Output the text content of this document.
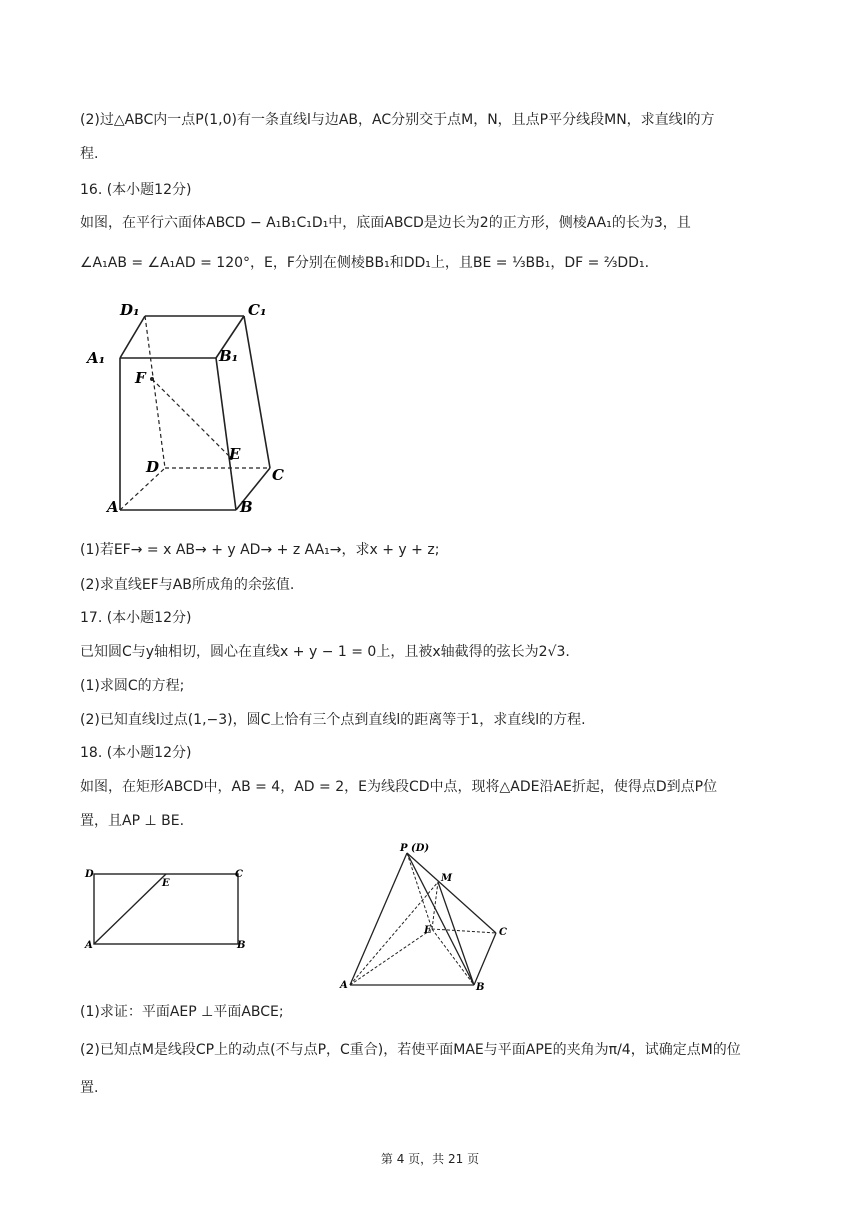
(2)过△ABC内一点P(1,0)有一条直线l与边AB，AC分别交于点M，N，且点P平分线段MN，求直线l的方
程.
16. (本小题12分)
如图，在平行六面体ABCD − A₁B₁C₁D₁中，底面ABCD是边长为2的正方形，侧棱AA₁的长为3，且
∠A₁AB = ∠A₁AD = 120°，E，F分别在侧棱BB₁和DD₁上，且BE = ⅓BB₁，DF = ⅔DD₁.
D₁	C₁
A₁	B₁
F
E
D	C
A	B
(1)若EF→ = x AB→ + y AD→ + z AA₁→，求x + y + z;
(2)求直线EF与AB所成角的余弦值.
17. (本小题12分)
已知圆C与y轴相切，圆心在直线x + y − 1 = 0上，且被x轴截得的弦长为2√3.
(1)求圆C的方程;
(2)已知直线l过点(1,−3)，圆C上恰有三个点到直线l的距离等于1，求直线l的方程.
18. (本小题12分)
如图，在矩形ABCD中，AB = 4，AD = 2，E为线段CD中点，现将△ADE沿AE折起，使得点D到点P位
置，且AP ⊥ BE.
D
E
C
A	B
P (D)
M
E	C
A	B
(1)求证：平面AEP ⊥平面ABCE;
(2)已知点M是线段CP上的动点(不与点P，C重合)，若使平面MAE与平面APE的夹角为π/4，试确定点M的位
置.
第 4 页，共 21 页
